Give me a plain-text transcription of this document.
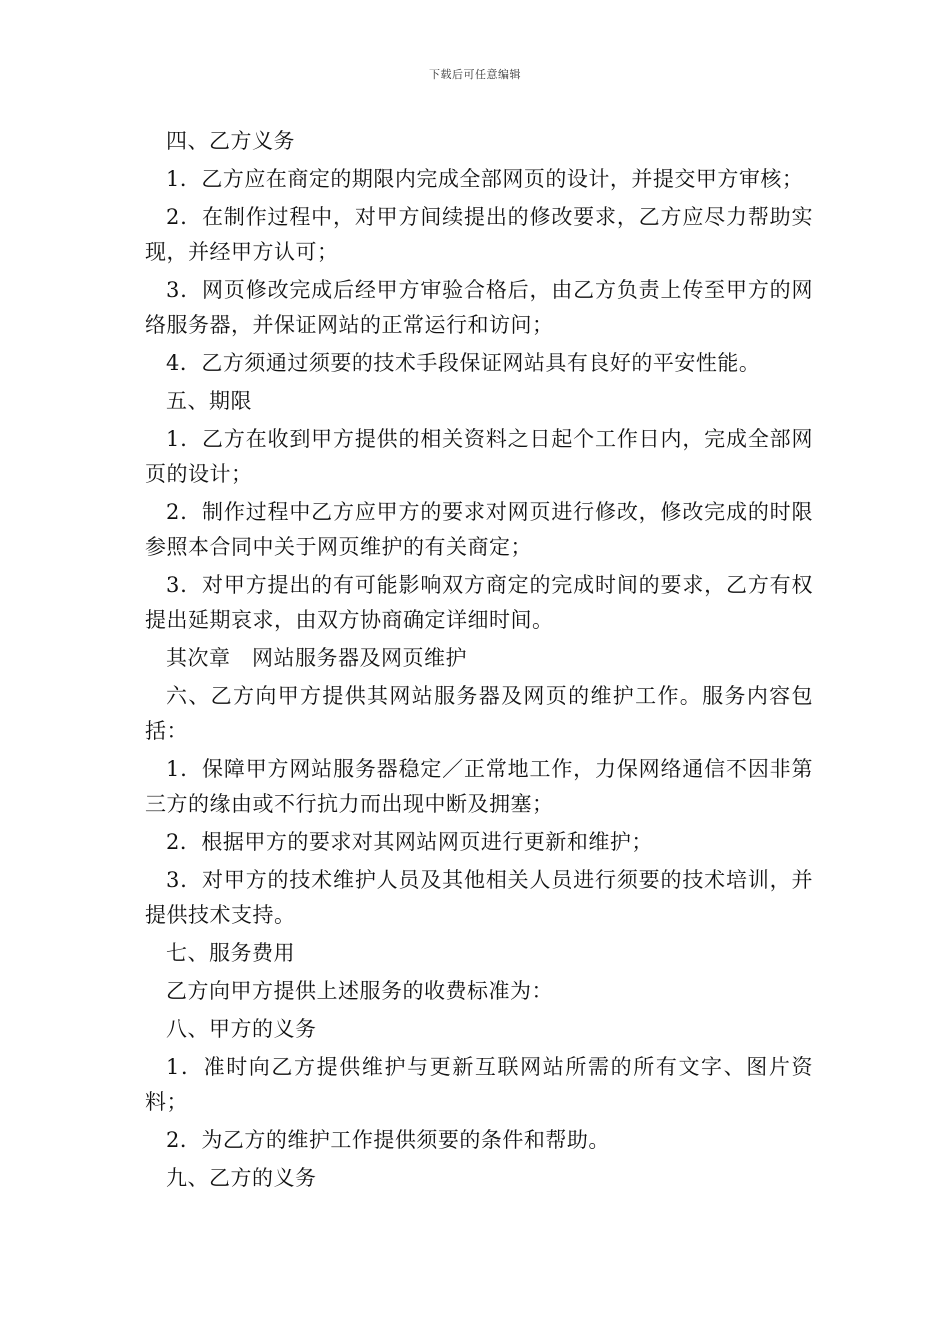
下载后可任意编辑

四、乙方义务

1．乙方应在商定的期限内完成全部网页的设计，并提交甲方审核；

2．在制作过程中，对甲方间续提出的修改要求，乙方应尽力帮助实现，并经甲方认可；

3．网页修改完成后经甲方审验合格后，由乙方负责上传至甲方的网络服务器，并保证网站的正常运行和访问；

4．乙方须通过须要的技术手段保证网站具有良好的平安性能。

五、期限

1．乙方在收到甲方提供的相关资料之日起个工作日内，完成全部网页的设计；

2．制作过程中乙方应甲方的要求对网页进行修改，修改完成的时限参照本合同中关于网页维护的有关商定；

3．对甲方提出的有可能影响双方商定的完成时间的要求，乙方有权提出延期哀求，由双方协商确定详细时间。

其次章　网站服务器及网页维护

六、乙方向甲方提供其网站服务器及网页的维护工作。服务内容包括：

1．保障甲方网站服务器稳定／正常地工作，力保网络通信不因非第三方的缘由或不行抗力而出现中断及拥塞；

2．根据甲方的要求对其网站网页进行更新和维护；

3．对甲方的技术维护人员及其他相关人员进行须要的技术培训，并提供技术支持。

七、服务费用

乙方向甲方提供上述服务的收费标准为：

八、甲方的义务

1．准时向乙方提供维护与更新互联网站所需的所有文字、图片资料；

2．为乙方的维护工作提供须要的条件和帮助。

九、乙方的义务
